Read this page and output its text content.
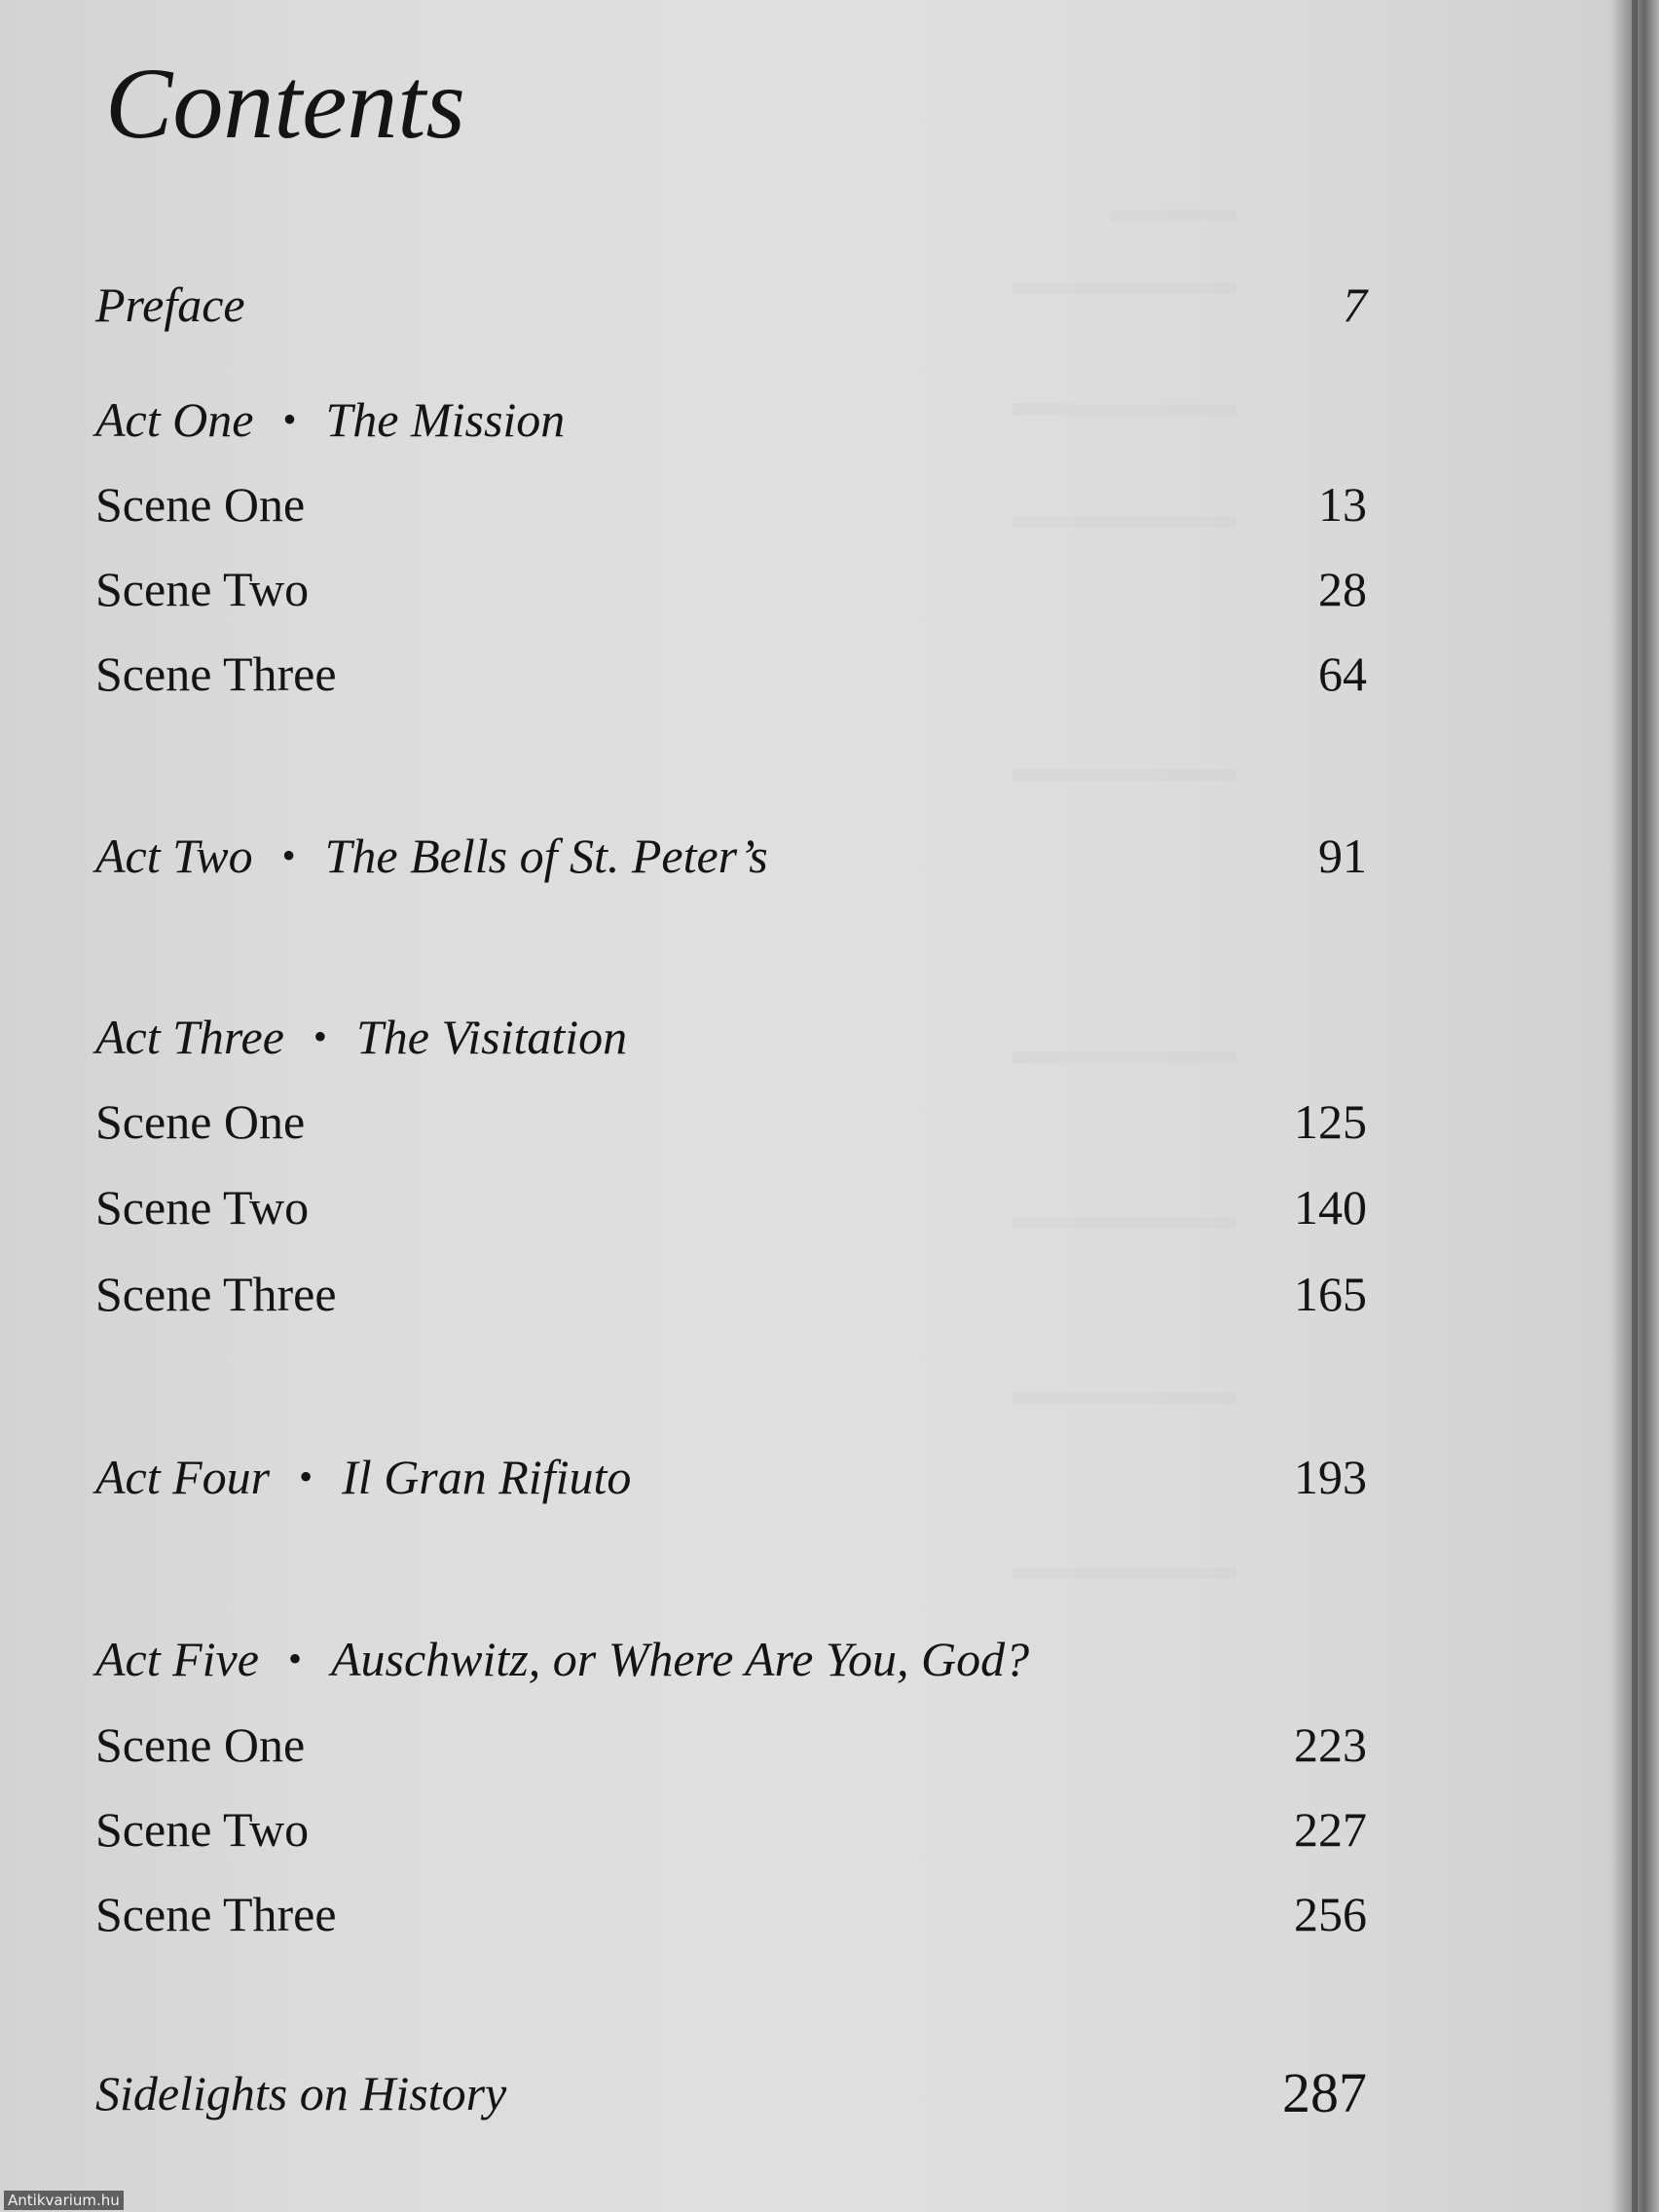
Contents
Preface	7
Act One • The Mission
Scene One	13
Scene Two	28
Scene Three	64
Act Two • The Bells of St. Peter’s	91
Act Three • The Visitation
Scene One	125
Scene Two	140
Scene Three	165
Act Four • Il Gran Rifiuto	193
Act Five • Auschwitz, or Where Are You, God?
Scene One	223
Scene Two	227
Scene Three	256
Sidelights on History	287
Antikvarium.hu
